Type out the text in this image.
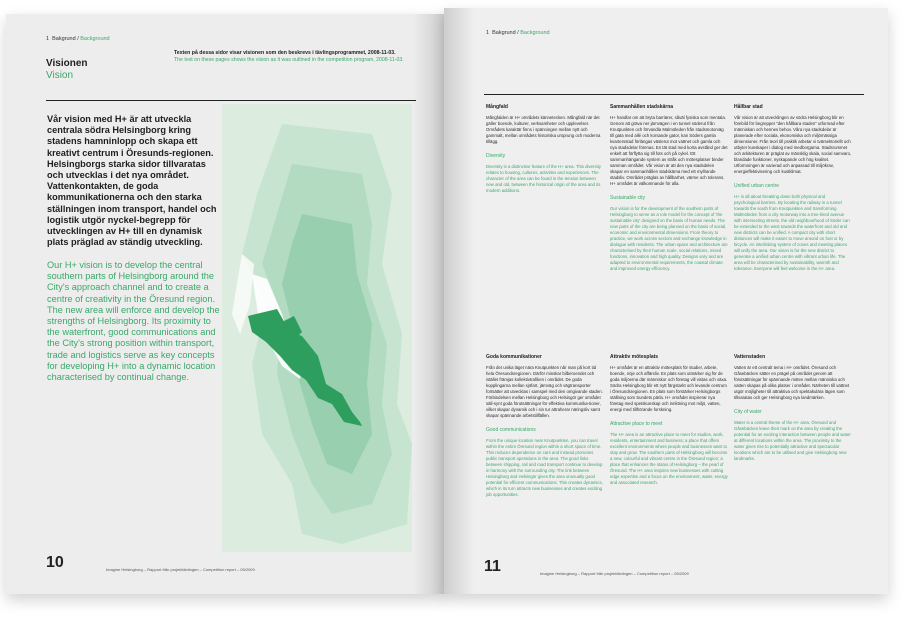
1 Bakgrund / Background
Visionen
Vision
Texten på dessa sidor visar visionen som den beskrevs i tävlingsprogrammet, 2008-11-03.
The text on these pages shows the vision as it was outlined in the competition program, 2008-11-03.
Vår vision med H+ är att utveckla centrala södra Helsingborg kring stadens hamninlopp och skapa ett kreativt centrum i Öresunds-regionen. Helsingborgs starka sidor tillvaratas och utvecklas i det nya området. Vattenkontakten, de goda kommunikationerna och den starka ställningen inom transport, handel och logistik utgör nyckel-begrepp för utvecklingen av H+ till en dynamisk plats präglad av ständig utveckling.
Our H+ vision is to develop the central southern parts of Helsingborg around the City's approach channel and to create a centre of creativity in the Öresund region. The new area will enforce and develop the strengths of Helsingborg. Its proximity to the waterfront, good communications and the City's strong position within transport, trade and logistics serve as key concepts for developing H+ into a dynamic location characterised by continual change.
10	Imagine Helsingborg – Rapport från projekttävlingen – Competition report – 05/2009
1 Bakgrund / Background
Mångfald

Mångfalden är H+ områdets kännetecken. Mångfald när det gäller boende, kulturer, verksamheter och upplevelser. Områdets karaktär finns i spänningen mellan nytt och gammalt, mellan områdets historiska ursprung och moderna tillägg.

Diversity

Diversity is a distinctive feature of the H+ area. This diversity relates to housing, cultures, activities and experiences. The character of the area can be found in the tension between new and old, between the historical origin of the area and its modern additions.

Sammanhållen stadskärna

H+ handlar om att bryta barriärer, såväl fysiska som mentala. Genom att gräva ner järnvägen i en tunnel söderut från Knutpunkten och förvandla Malmöleden från stadsmotorväg till gata med allé och korsande gator, kan Söders gamla kvartersstad förlängas västerut mot vattnet och gamla och nya stadsdelar förenas. En tät stad med korta avstånd ger det enkelt att förflytta sig till fots och på cykel. Ett sammanhängande system av stråk och mötesplatser binder samman området. Vår vision är att den nya stadsdelen skapar en sammanhållen stadskärna med ett myllrande stadsliv. Området präglas av hållbarhet, värme och tolerans. H+ området är välkomnande för alla.

Sustainable city

Our vision is for the development of the southern parts of Helsingborg to serve as a role model for the concept of 'the sustainable city' designed on the basis of human needs. The new parts of the city are being planned on the basis of social, economic and environmental dimensions. From theory to practice, we work across sectors and exchange knowledge in dialogue with residents. The urban space and architecture are characterised by their human scale, social relations, mixed functions, innovation and high quality. Designs vary and are adapted to environmental requirements, the coastal climate and improved energy efficiency.

Hållbar stad

Vår vision är att utvecklingen av södra Helsingborg blir en förebild för begreppet "den hållbara staden" utformad efter människan och hennes behov. Våra nya stadsdelar är planerade efter sociala, ekonomiska och miljömässiga dimensioner. Från teori till praktik arbetar vi tvärsektoriellt och utbyter kunskaper i dialog med medborgarna. Stadsrummet och arkitekturen är präglat av mänsklig skala, social samvaro, blandade funktioner, nyskapande och hög kvalitet. Utformningen är varierad och anpassad till miljökrav, energieffektivisering och kustklimat.

Unified urban centre

H+ is all about breaking down both physical and psychological barriers. By locating the railway in a tunnel towards the south from Knutpunkten and transforming Malmöleden from a city motorway into a tree-lined avenue with intersecting streets, the old neighbourhood of Söder can be extended to the west towards the waterfront and old and new districts can be unified. A compact city with short distances will make it easier to move around on foot or by bicycle. An interlinking system of zones and meeting places will unify the area. Our vision is for the new district to generate a unified urban centre with vibrant urban life. The area will be characterised by sustainability, warmth and tolerance. Everyone will feel welcome in the H+ area.

Goda kommunikationer

Från det unika läget nära Knutpunkten når man på kort tid hela Öresundsregionen. Därför minskar bilberoendet och istället främjas kollektivtrafiken i området. De goda kopplingarna mellan sjöfart, järnväg och vägtransporter fortsätter att utvecklas i samspel med den omgivande staden. Förbindelsen mellan Helsingborg och Helsingör ger området säll-synt goda förutsättningar för effektiva kommunika-tioner, vilket skapar dynamik och i sin tur attraherar näringsliv samt skapar spännande arbetstillfällen.

Good communications

From the unique location near Knutpunkten, you can travel within the entire Öresund region within a short space of time. This reduces dependence on cars and instead promotes public transport operations in the area. The good links between shipping, rail and road transport continue to develop in harmony with the surrounding city. The link between Helsingborg and Helsingör gives the area unusually good potential for efficient communications. This creates dynamics, which in its turn attracts new businesses and creates exciting job opportunities.

Attraktiv mötesplats

H+ området är en attraktiv mötesplats för studier, arbete, boende, nöje och affärsliv. En plats som utmärker sig för de goda miljöerna där människor och företag vill vistas och växa. Södra Helsingborg blir ett nytt färgstarkt och levande centrum i Öresundsregionen. En plats som förstärker Helsingborgs ställning som Sundets pärla. H+ området inspirerar nya företag med spetskunskap och inriktning mot miljö, vatten, energi med tillhörande forskning.

Attractive place to meet

The H+ area is an attractive place to meet for studies, work, residents, entertainment and business; a place that offers excellent environments where people and businesses want to stay and grow. The southern parts of Helsingborg will become a new, colourful and vibrant centre in the Öresund region; a place that enhances the status of Helsingborg – the pearl of Öresund. The H+ area inspires new businesses with cutting edge expertise and a focus on the environment, water, energy and associated research.

Vattenstaden

Vatten är ett centralt tema i H+ området. Öresund och Gåsebäcken sätter en prägel på området genom att förutsättningar för spännande möten mellan människa och vatten skapas på olika platser i området. Närheten till vattnet utgör möjligheter till attraktiva och spektakulära lägen som tillvaratas och ger Helsingborg nya landmärken.

City of water

Water is a central theme of the H+ area. Öresund and Gåsebäcken leave their mark on the area by creating the potential for an exciting interaction between people and water at different locations within the area. The proximity to the water gives rise to potentially attractive and spectacular locations which are to be utilised and give Helsingborg new landmarks.

11	Imagine Helsingborg – Rapport från projekttävlingen – Competition report – 05/2009
